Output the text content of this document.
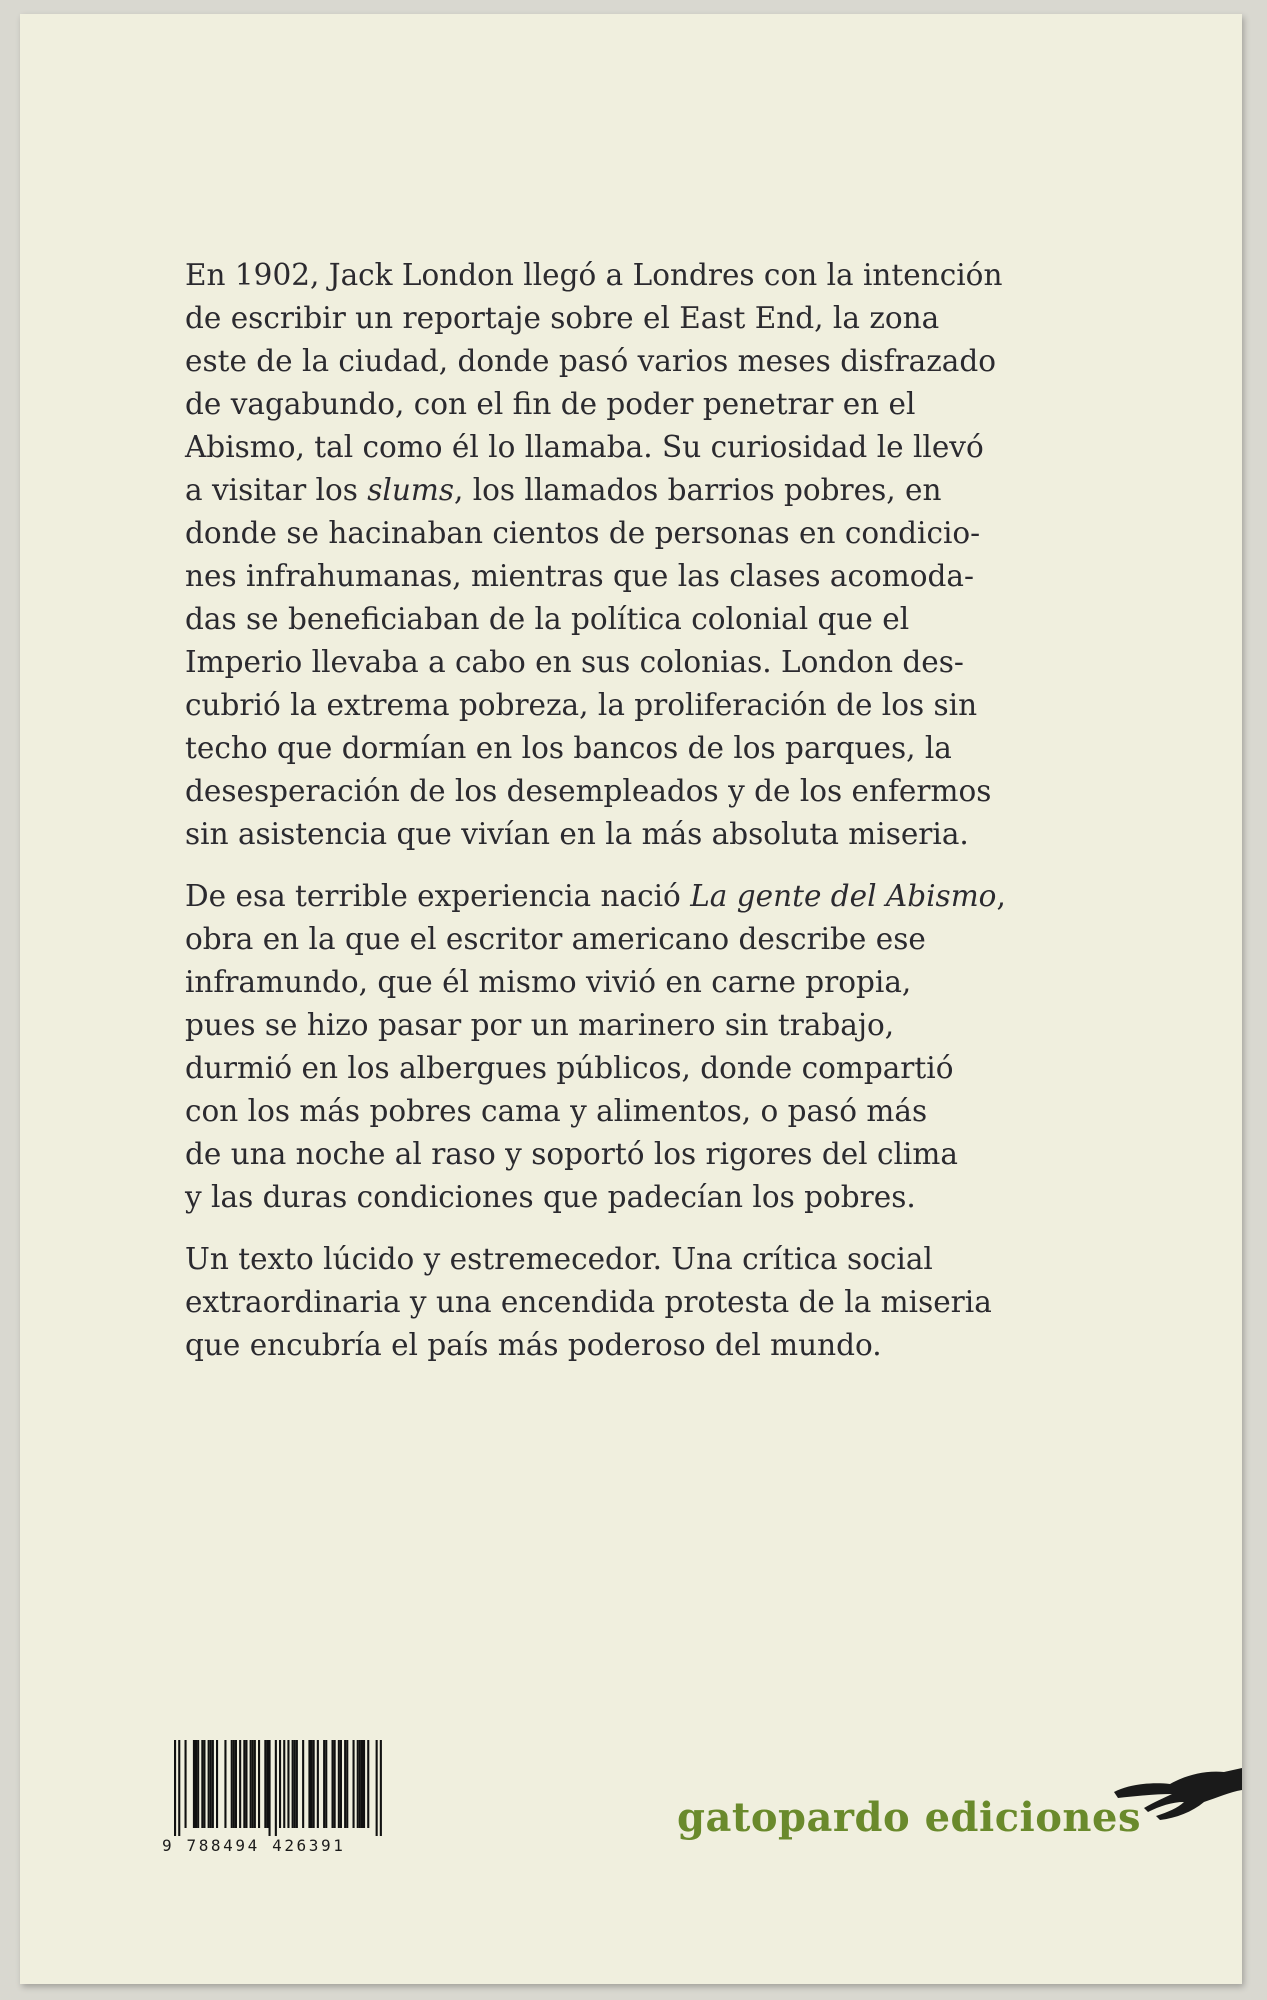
En 1902, Jack London llegó a Londres con la intención
de escribir un reportaje sobre el East End, la zona
este de la ciudad, donde pasó varios meses disfrazado
de vagabundo, con el fin de poder penetrar en el
Abismo, tal como él lo llamaba. Su curiosidad le llevó
a visitar los slums, los llamados barrios pobres, en
donde se hacinaban cientos de personas en condicio-
nes infrahumanas, mientras que las clases acomoda-
das se beneficiaban de la política colonial que el
Imperio llevaba a cabo en sus colonias. London des-
cubrió la extrema pobreza, la proliferación de los sin
techo que dormían en los bancos de los parques, la
desesperación de los desempleados y de los enfermos
sin asistencia que vivían en la más absoluta miseria.

De esa terrible experiencia nació La gente del Abismo,
obra en la que el escritor americano describe ese
inframundo, que él mismo vivió en carne propia,
pues se hizo pasar por un marinero sin trabajo,
durmió en los albergues públicos, donde compartió
con los más pobres cama y alimentos, o pasó más
de una noche al raso y soportó los rigores del clima
y las duras condiciones que padecían los pobres.

Un texto lúcido y estremecedor. Una crítica social
extraordinaria y una encendida protesta de la miseria
que encubría el país más poderoso del mundo.

9 788494 426391
gatopardo ediciones
